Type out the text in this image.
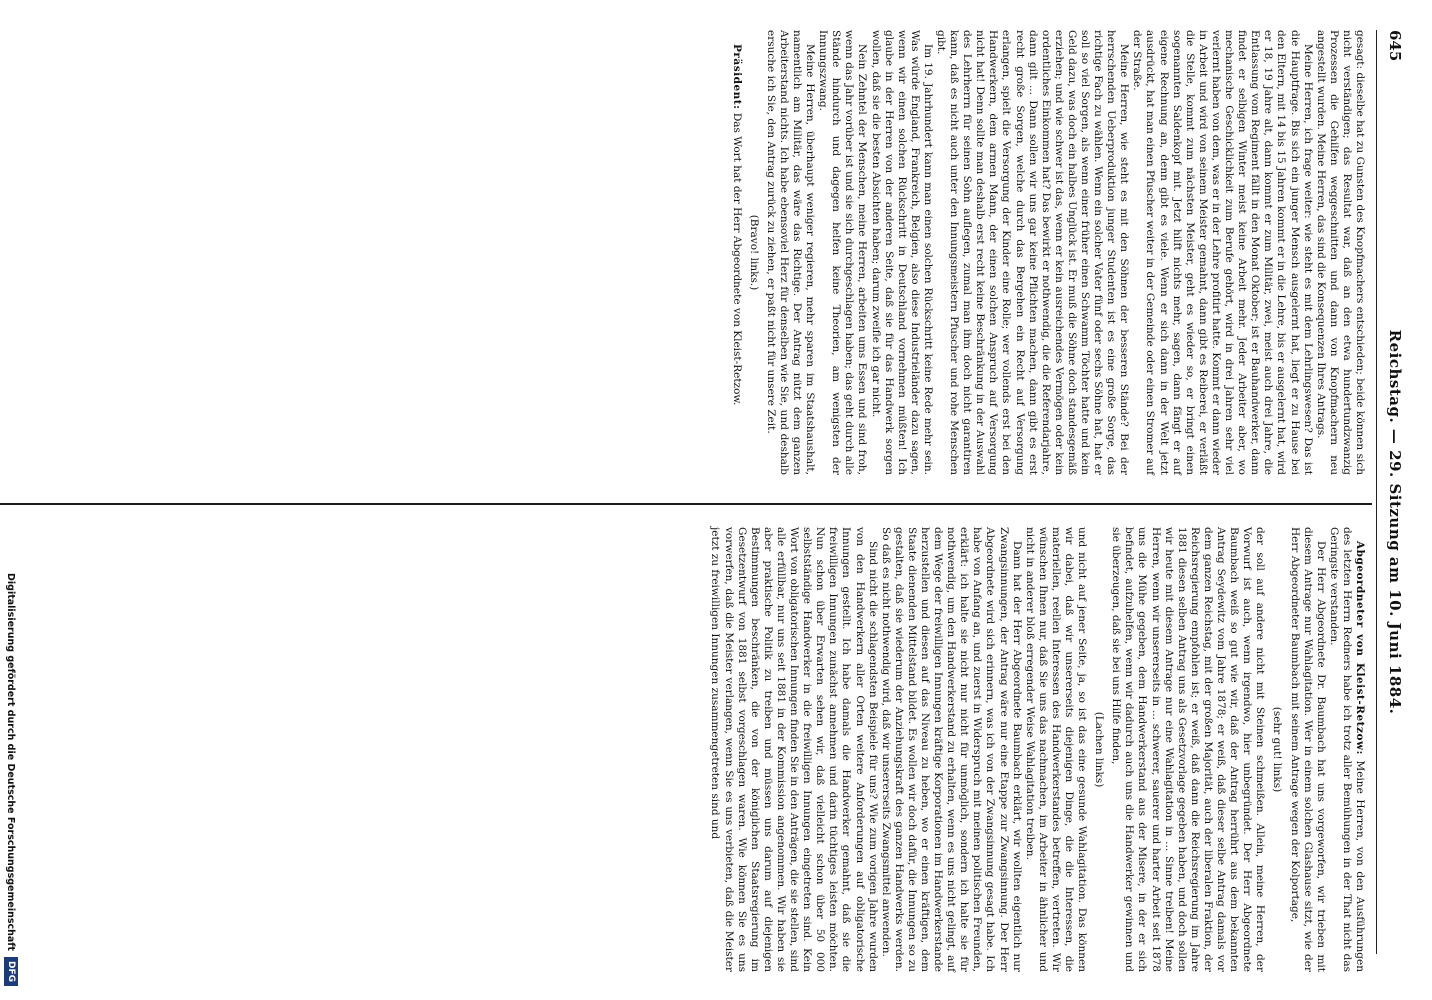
645
Reichstag. — 29. Sitzung am 10. Juni 1884.

gesagt: dieselbe hat zu Gunsten des Knopfmachers entschieden; beide können sich nicht verständigen; das Resultat war, daß an den etwa hundertundzwanzig Prozessen die Gehilfen weggeschnitten und dann von Knopfmachern neu angestellt wurden. Meine Herren, das sind die Konsequenzen Ihres Antrags.

Meine Herren, ich frage weiter: wie steht es mit dem Lehrlingswesen? Das ist die Hauptfrage. Bis sich ein junger Mensch ausgelernt hat, liegt er zu Hause bei den Eltern, mit 14 bis 15 Jahren kommt er in die Lehre, bis er ausgelernt hat, wird er 18, 19 Jahre alt, dann kommt er zum Militär, zwei, meist auch drei Jahre, die Entlassung vom Regiment fällt in den Monat Oktober; ist er Bauhandwerker, dann findet er selbigen Winter meist keine Arbeit mehr. Jeder Arbeiter aber, wo mechanische Geschicklichkeit zum Berufe gehört, wird in drei Jahren sehr viel verlernt haben von dem, was er in der Lehre profitirt hatte. Kommt er dann wieder in Arbeit und wird von seinem Meister gemahnt, dann gibt es Reiberei, er verläßt die Stelle, kommt zum nächsten Meister, geht es wieder so, er bringt einen sogenannten Saldenkopf mit. Jetzt hilft nichts mehr, sagen, dann fängt er auf eigene Rechnung an, denn gibt es viele. Wenn er sich dann in der Welt jetzt ausdrückt, hat man einen Pfuscher weiter in der Gemeinde oder einen Stromer auf der Straße.

Meine Herren, wie steht es mit den Söhnen der besseren Stände? Bei der herrschenden Ueberproduktion junger Studenten ist es eine große Sorge, das richtige Fach zu wählen. Wenn ein solcher Vater fünf oder sechs Söhne hat, hat er soll so viel Sorgen, als wenn einer früher einen Schwamm Töchter hatte und kein Geld dazu, was doch ein halbes Unglück ist. Er muß die Söhne doch standesgemäß erziehen; und wie schwer ist das, wenn er kein ausreichendes Vermögen oder kein ordentliches Einkommen hat? Das bewirkt er nothwendig, die die Referendarjahre, dann gilt ... Dann sollen wir uns gar keine Pflichten machen, dann gibt es erst recht große Sorgen, welche durch das Bergehen ein Recht auf Versorgung erlangen, spielt die Versorgung der Kinder eine Rolle; wer vollends erst bei den Handwerkern, dem armen Mann, der einen solchen Anspruch auf Versorgung nicht hat! Denn sollte man deshalb erst recht keine Beschränkung in der Auswahl des Lehrherrn für seinen Sohn auflegen, zumal man ihm doch nicht garantiren kann, daß es nicht auch unter den Innungsmeistern Pfuscher und rohe Menschen gibt.

Im 19. Jahrhundert kann man einen solchen Rückschritt keine Rede mehr sein. Was würde England, Frankreich, Belgien, also diese Industrieländer dazu sagen, wenn wir einen solchen Rückschritt in Deutschland vornehmen müßten! Ich glaube in der Herren von der anderen Seite, daß sie für das Handwerk sorgen wollen, daß sie die besten Absichten haben; darum zweifle ich gar nicht.

Nein Zehntel der Menschen, meine Herren, arbeiten ums Essen und sind froh, wenn das Jahr vorüber ist und sie sich durchgeschlagen haben; das geht durch alle Stände hindurch und dagegen helfen keine Theorien, am wenigsten der Innungszwang.

Meine Herren, überhaupt weniger regieren, mehr sparen im Staatshaushalt, namentlich am Militär, das wäre das Richtige. Der Antrag nützt dem ganzen Arbeiterstand nichts. Ich habe ebensoviel Herz für denselben wie Sie, und deshalb ersuche ich Sie, den Antrag zurück zu ziehen, er paßt nicht für unsere Zeit.

(Bravo! links.)

Präsident: Das Wort hat der Herr Abgeordnete von Kleist-Retzow.

Abgeordneter von Kleist-Retzow: Meine Herren, von den Ausführungen des letzten Herrn Redners habe ich trotz aller Bemühungen in der That nicht das Geringste verstanden.

Der Herr Abgeordnete Dr. Baumbach hat uns vorgeworfen, wir trieben mit diesem Antrage nur Wahlagitation. Wer in einem solchen Glashause sitzt, wie der Herr Abgeordneter Baumbach mit seinem Antrage wegen der Kolportage,

(sehr gut! links)

der soll auf andere nicht mit Steinen schmeißen. Allein, meine Herren, der Vorwurf ist auch, wenn irgendwo, hier unbegründet. Der Herr Abgeordnete Baumbach weiß so gut wie wir, daß der Antrag herrührt aus dem bekannten Antrag Seydewitz vom Jahre 1878; er weiß, daß dieser selbe Antrag damals vor dem ganzen Reichstag, mit der großen Majorität, auch der liberalen Fraktion, der Reichsregierung empfohlen ist; er weiß, daß dann die Reichsregierung im Jahre 1881 diesen selben Antrag uns als Gesetzvorlage gegeben haben, und doch sollen wir heute mit diesem Antrage nur eine Wahlagitation in ... Sinne treiben! Meine Herren, wenn wir unsererseits in ... schwerer, sauerer und harter Arbeit seit 1878 uns die Mühe gegeben, dem Handwerkerstand aus der Misere, in der er sich befindet, aufzuhelfen, wenn wir dadurch auch uns die Handwerker gewinnen und sie überzeugen, daß sie bei uns Hilfe finden,

(Lachen links)

und nicht auf jener Seite, ja, so ist das eine gesunde Wahlagitation. Das können wir dabei, daß wir unsererseits diejenigen Dinge, die die Interessen, die materiellen, reellen Interessen des Handwerkerstandes betreffen, vertreten. Wir wünschen Ihnen nur, daß Sie uns das nachmachen, im Arbeiter in ähnlicher und nicht in anderer bloß erregender Weise Wahlagitation treiben.

Dann hat der Herr Abgeordnete Baumbach erklärt, wir wollten eigentlich nur Zwangsinnungen, der Antrag wäre nur eine Etappe zur Zwangsinnung. Der Herr Abgeordnete wird sich erinnern, was ich von der Zwangsinnung gesagt habe. Ich habe von Anfang an, und zuerst in Widerspruch mit meinen politischen Freunden, erklärt: ich halte sie nicht nur nicht für unmöglich, sondern ich halte sie für nothwendig, um den Handwerkerstand zu erhalten, wenn es uns nicht gelingt, auf dem Wege der freiwilligen Innungen kräftige Korporationen im Handwerkerstande herzustellen und diesen auf das Niveau zu heben, wo er einen kräftigen, dem Staate dienenden Mittelstand bildet. Es wollen wir doch dafür, die Innungen so zu gestalten, daß sie wiederum der Anziehungskraft des ganzen Handwerks werden. So daß es nicht nothwendig wird, daß wir unsererseits Zwangsmittel anwenden.

Sind nicht die schlagendsten Beispiele für uns? Wie zum vorigen Jahre wurden von den Handwerkern aller Orten weitere Anforderungen auf obligatorische Innungen gestellt. Ich habe damals die Handwerker gemahnt, daß sie die freiwilligen Innungen zunächst annehmen und darin tüchtiges leisten möchten. Nun schon über Erwarten sehen wir, daß vielleicht schon über 50 000 selbstständige Handwerker in die freiwilligen Innungen eingetreten sind. Kein Wort von obligatorischen Innungen finden Sie in den Anträgen, die sie stellen, sind alle erfüllbar, nur uns seit 1881 in der Kommission angenommen. Wir haben sie aber praktische Politik zu treiben und müssen uns darum auf diejenigen Bestimmungen beschränken, die von der königlichen Staatsregierung im Gesetzentwurf von 1881 selbst vorgeschlagen waren. Wie können Sie es uns vorwerfen, daß die Meister verlangen, wenn Sie es uns verbieten, daß die Meister jetzt zu freiwilligen Innungen zusammengetreten sind und

Digitalisierung gefördert durch die Deutsche Forschungsgemeinschaft
DFG
